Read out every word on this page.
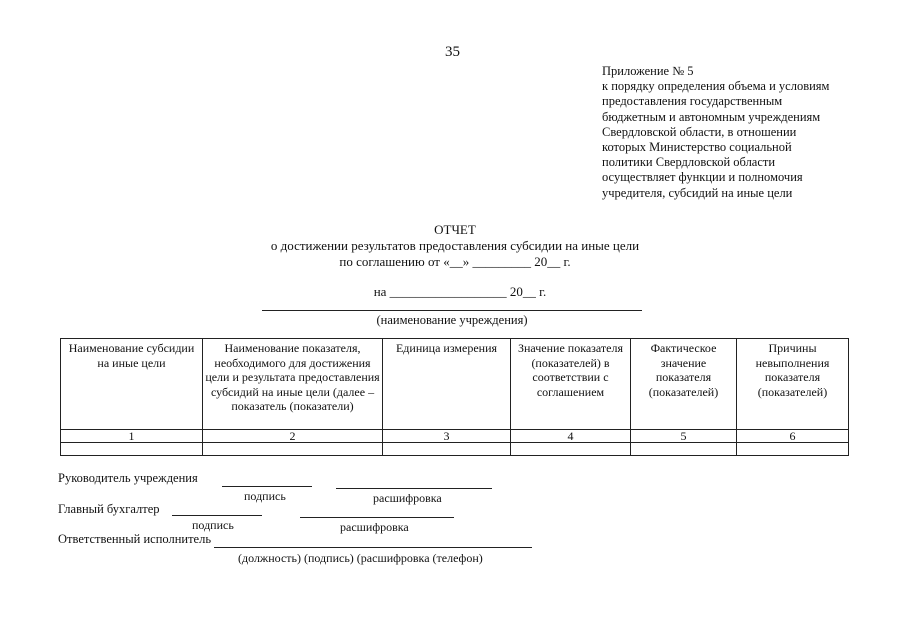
35
Приложение № 5
к порядку определения объема и условиям
предоставления государственным
бюджетным и автономным учреждениям
Свердловской области, в отношении
которых Министерство социальной
политики Свердловской области
осуществляет функции и полномочия
учредителя, субсидий на иные цели
ОТЧЕТ
о достижении результатов предоставления субсидии на иные цели
по соглашению от «__» _________ 20__ г.
на __________________ 20__ г.
(наименование учреждения)
Наименование субсидии на иные цели	Наименование показателя, необходимого для достижения цели и результата предоставления субсидий на иные цели (далее – показатель (показатели)	Единица измерения	Значение показателя (показателей) в соответствии с соглашением	Фактическое значение показателя (показателей)	Причины невыполнения показателя (показателей)
1	2	3	4	5	6

Руководитель учреждения
подпись	расшифровка
Главный бухгалтер
подпись	расшифровка
Ответственный исполнитель
(должность) (подпись) (расшифровка (телефон)
